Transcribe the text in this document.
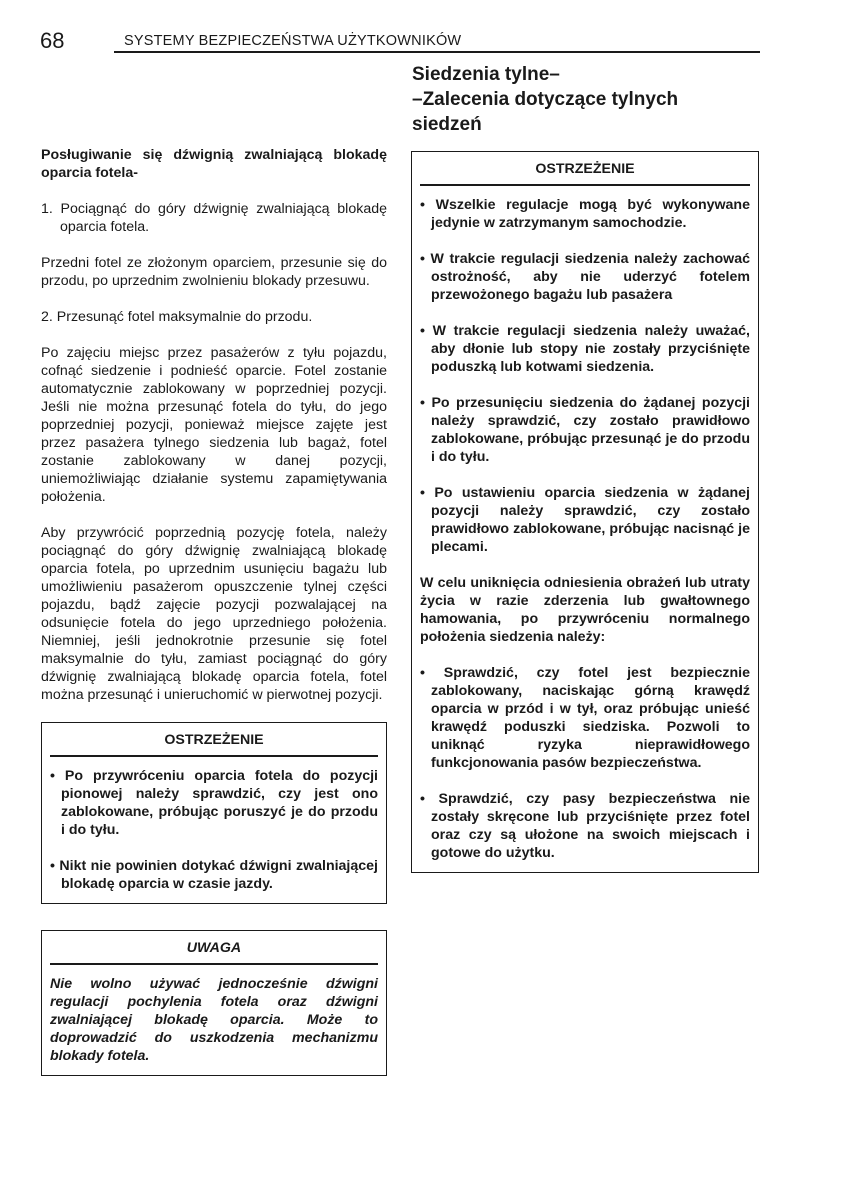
68	SYSTEMY BEZPIECZEŃSTWA UŻYTKOWNIKÓW

Posługiwanie się dźwignią zwalniającą blokadę oparcia fotela-

1. Pociągnąć do góry dźwignię zwalniającą blokadę oparcia fotela.

Przedni fotel ze złożonym oparciem, przesunie się do przodu, po uprzednim zwolnieniu blokady przesuwu.

2. Przesunąć fotel maksymalnie do przodu.

Po zajęciu miejsc przez pasażerów z tyłu pojazdu, cofnąć siedzenie i podnieść oparcie. Fotel zostanie automatycznie zablokowany w poprzedniej pozycji. Jeśli nie można przesunąć fotela do tyłu, do jego poprzedniej pozycji, ponieważ miejsce zajęte jest przez pasażera tylnego siedzenia lub bagaż, fotel zostanie zablokowany w danej pozycji, uniemożliwiając działanie systemu zapamiętywania położenia.

Aby przywrócić poprzednią pozycję fotela, należy pociągnąć do góry dźwignię zwalniającą blokadę oparcia fotela, po uprzednim usunięciu bagażu lub umożliwieniu pasażerom opuszczenie tylnej części pojazdu, bądź zajęcie pozycji pozwalającej na odsunięcie fotela do jego uprzedniego położenia. Niemniej, jeśli jednokrotnie przesunie się fotel maksymalnie do tyłu, zamiast pociągnąć do góry dźwignię zwalniającą blokadę oparcia fotela, fotel można przesunąć i unieruchomić w pierwotnej pozycji.

OSTRZEŻENIE
• Po przywróceniu oparcia fotela do pozycji pionowej należy sprawdzić, czy jest ono zablokowane, próbując poruszyć je do przodu i do tyłu.
• Nikt nie powinien dotykać dźwigni zwalniającej blokadę oparcia w czasie jazdy.
UWAGA
Nie wolno używać jednocześnie dźwigni regulacji pochylenia fotela oraz dźwigni zwalniającej blokadę oparcia. Może to doprowadzić do uszkodzenia mechanizmu blokady fotela.
Siedzenia tylne–
–Zalecenia dotyczące tylnych
siedzeń
OSTRZEŻENIE
• Wszelkie regulacje mogą być wykonywane jedynie w zatrzymanym samochodzie.
• W trakcie regulacji siedzenia należy zachować ostrożność, aby nie uderzyć fotelem przewożonego bagażu lub pasażera
• W trakcie regulacji siedzenia należy uważać, aby dłonie lub stopy nie zostały przyciśnięte poduszką lub kotwami siedzenia.
• Po przesunięciu siedzenia do żądanej pozycji należy sprawdzić, czy zostało prawidłowo zablokowane, próbując przesunąć je do przodu i do tyłu.
• Po ustawieniu oparcia siedzenia w żądanej pozycji należy sprawdzić, czy zostało prawidłowo zablokowane, próbując nacisnąć je plecami.
W celu uniknięcia odniesienia obrażeń lub utraty życia w razie zderzenia lub gwałtownego hamowania, po przywróceniu normalnego położenia siedzenia należy:
• Sprawdzić, czy fotel jest bezpiecznie zablokowany, naciskając górną krawędź oparcia w przód i w tył, oraz próbując unieść krawędź poduszki siedziska. Pozwoli to uniknąć ryzyka nieprawidłowego funkcjonowania pasów bezpieczeństwa.
• Sprawdzić, czy pasy bezpieczeństwa nie zostały skręcone lub przyciśnięte przez fotel oraz czy są ułożone na swoich miejscach i gotowe do użytku.
